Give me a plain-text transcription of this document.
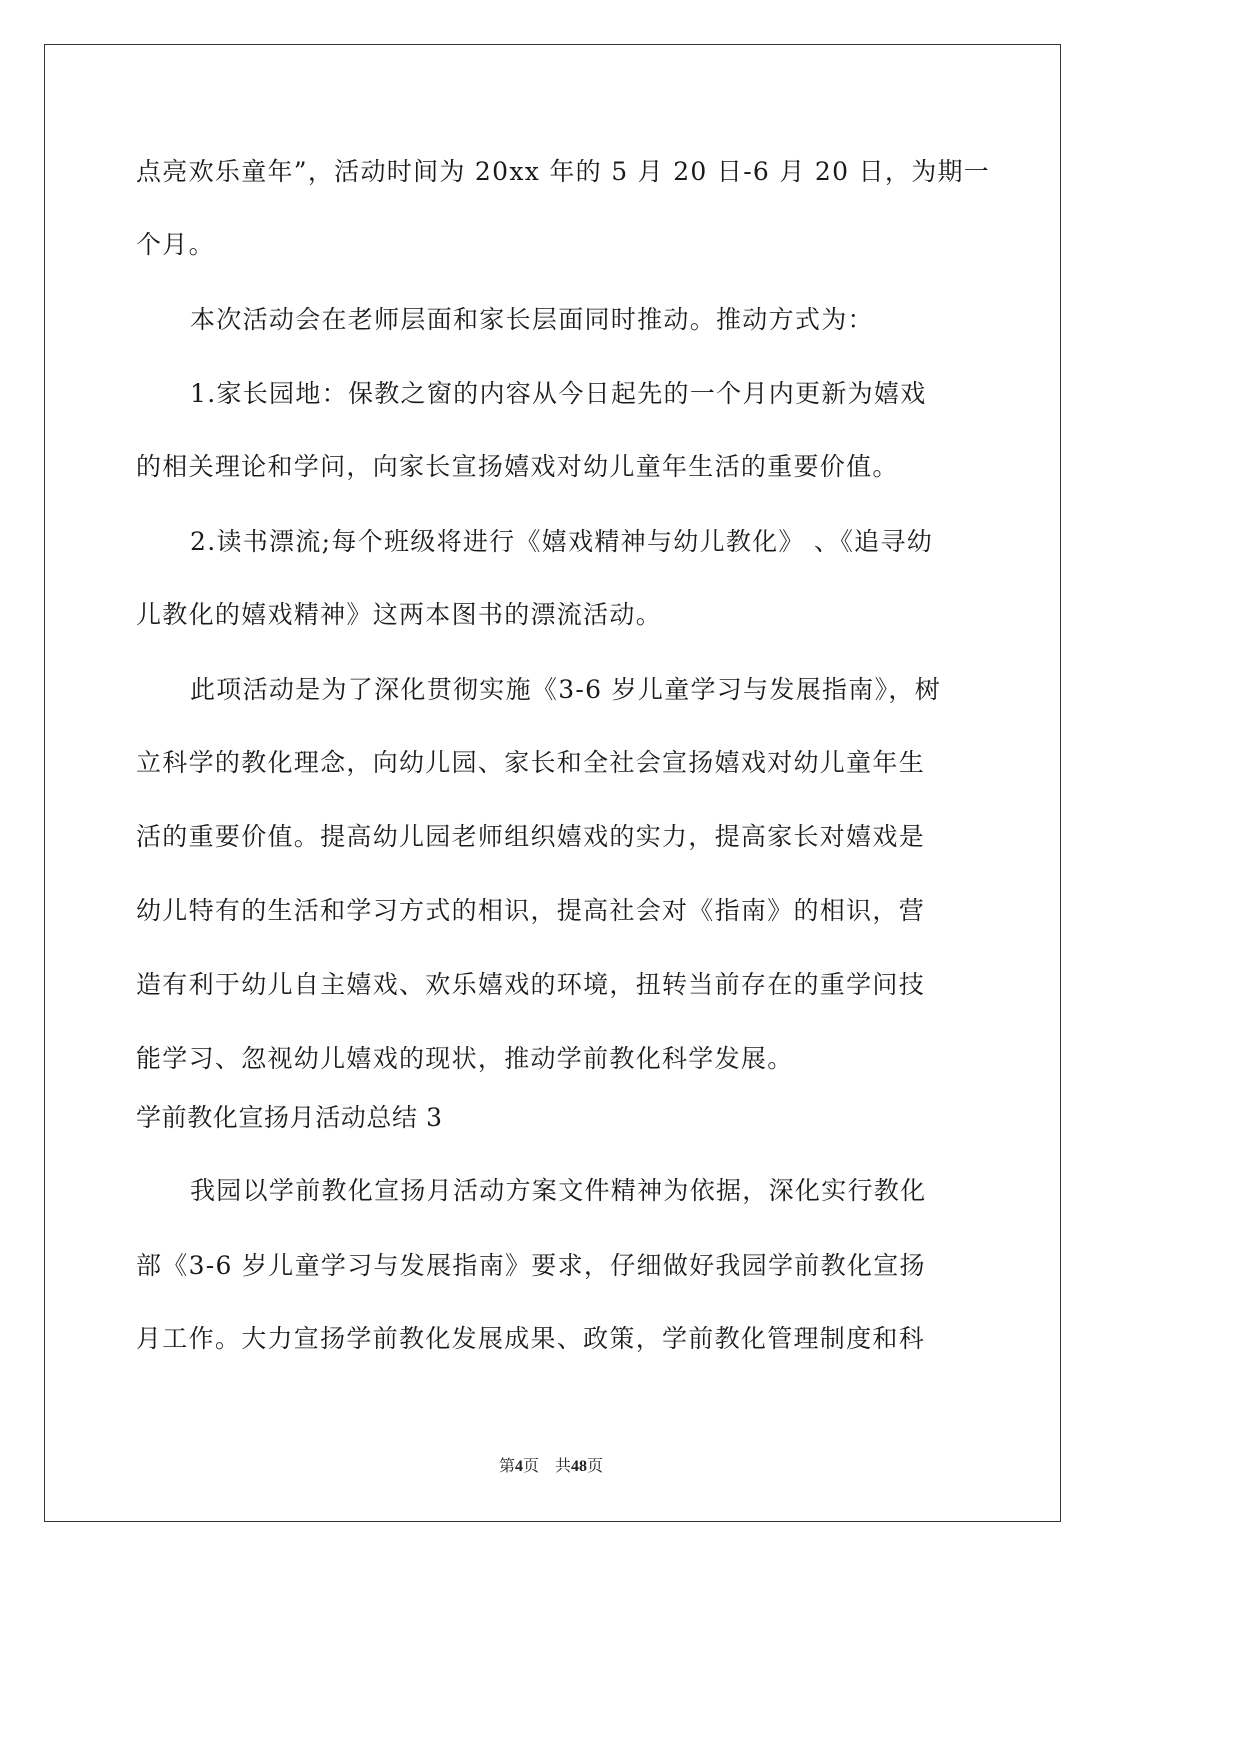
点亮欢乐童年”，活动时间为 20xx 年的 5 月 20 日-6 月 20 日，为期一
个月。
本次活动会在老师层面和家长层面同时推动。推动方式为：
1.家长园地：保教之窗的内容从今日起先的一个月内更新为嬉戏
的相关理论和学问，向家长宣扬嬉戏对幼儿童年生活的重要价值。
2.读书漂流;每个班级将进行《嬉戏精神与幼儿教化》 、《追寻幼
儿教化的嬉戏精神》这两本图书的漂流活动。
此项活动是为了深化贯彻实施《3-6 岁儿童学习与发展指南》，树
立科学的教化理念，向幼儿园、家长和全社会宣扬嬉戏对幼儿童年生
活的重要价值。提高幼儿园老师组织嬉戏的实力，提高家长对嬉戏是
幼儿特有的生活和学习方式的相识，提高社会对《指南》的相识，营
造有利于幼儿自主嬉戏、欢乐嬉戏的环境，扭转当前存在的重学问技
能学习、忽视幼儿嬉戏的现状，推动学前教化科学发展。
学前教化宣扬月活动总结 3
我园以学前教化宣扬月活动方案文件精神为依据，深化实行教化
部《3-6 岁儿童学习与发展指南》要求，仔细做好我园学前教化宣扬
月工作。大力宣扬学前教化发展成果、政策，学前教化管理制度和科
第4页    共48页
